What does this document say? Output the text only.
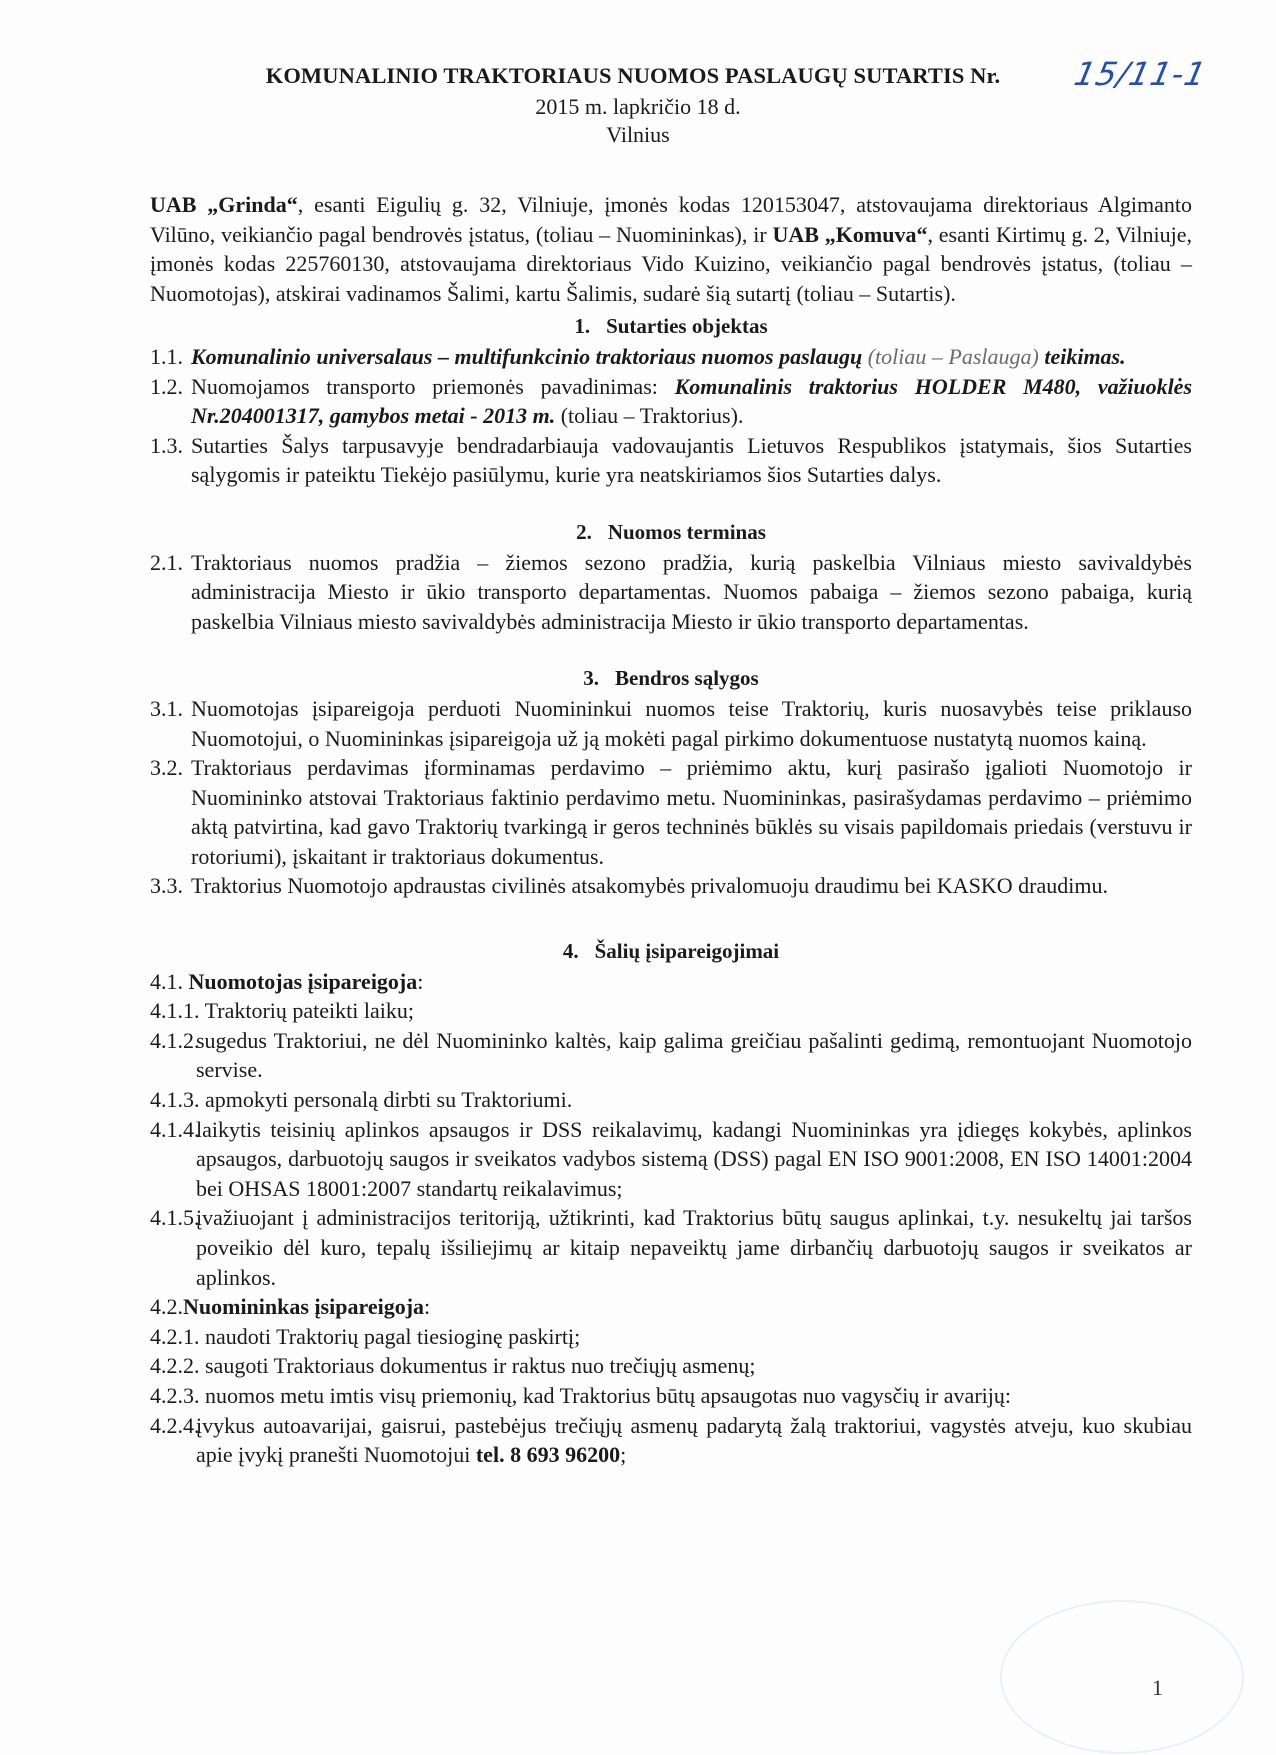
KOMUNALINIO TRAKTORIAUS NUOMOS PASLAUGŲ SUTARTIS Nr. 15/11-1
2015 m. lapkričio 18 d.
Vilnius
UAB „Grinda“, esanti Eigulių g. 32, Vilniuje, įmonės kodas 120153047, atstovaujama direktoriaus Algimanto Vilūno, veikiančio pagal bendrovės įstatus, (toliau – Nuomininkas), ir UAB „Komuva“, esanti Kirtimų g. 2, Vilniuje, įmonės kodas 225760130, atstovaujama direktoriaus Vido Kuizino, veikiančio pagal bendrovės įstatus, (toliau – Nuomotojas), atskirai vadinamos Šalimi, kartu Šalimis, sudarė šią sutartį (toliau – Sutartis).
1. Sutarties objektas
1.1. Komunalinio universalaus – multifunkcinio traktoriaus nuomos paslaugų (toliau – Paslauga) teikimas.
1.2. Nuomojamos transporto priemonės pavadinimas: Komunalinis traktorius HOLDER M480, važiuoklės Nr.204001317, gamybos metai - 2013 m. (toliau – Traktorius).
1.3. Sutarties Šalys tarpusavyje bendradarbiauja vadovaujantis Lietuvos Respublikos įstatymais, šios Sutarties sąlygomis ir pateiktu Tiekėjo pasiūlymu, kurie yra neatskiriamos šios Sutarties dalys.
2. Nuomos terminas
2.1. Traktoriaus nuomos pradžia – žiemos sezono pradžia, kurią paskelbia Vilniaus miesto savivaldybės administracija Miesto ir ūkio transporto departamentas. Nuomos pabaiga – žiemos sezono pabaiga, kurią paskelbia Vilniaus miesto savivaldybės administracija Miesto ir ūkio transporto departamentas.
3. Bendros sąlygos
3.1. Nuomotojas įsipareigoja perduoti Nuomininkui nuomos teise Traktorių, kuris nuosavybės teise priklauso Nuomotojui, o Nuomininkas įsipareigoja už ją mokėti pagal pirkimo dokumentuose nustatytą nuomos kainą.
3.2. Traktoriaus perdavimas įforminamas perdavimo – priėmimo aktu, kurį pasirašo įgalioti Nuomotojo ir Nuomininko atstovai Traktoriaus faktinio perdavimo metu. Nuomininkas, pasirašydamas perdavimo – priėmimo aktą patvirtina, kad gavo Traktorių tvarkingą ir geros techninės būklės su visais papildomais priedais (verstuvu ir rotoriumi), įskaitant ir traktoriaus dokumentus.
3.3. Traktorius Nuomotojo apdraustas civilinės atsakomybės privalomuoju draudimu bei KASKO draudimu.
4. Šalių įsipareigojimai
4.1. Nuomotojas įsipareigoja:
4.1.1. Traktorių pateikti laiku;
4.1.2.
sugedus Traktoriui, ne dėl Nuomininko kaltės, kaip galima greičiau pašalinti gedimą, remontuojant Nuomotojo servise.
4.1.3. apmokyti personalą dirbti su Traktoriumi.
4.1.4.
laikytis teisinių aplinkos apsaugos ir DSS reikalavimų, kadangi Nuomininkas yra įdiegęs kokybės, aplinkos apsaugos, darbuotojų saugos ir sveikatos vadybos sistemą (DSS) pagal EN ISO 9001:2008, EN ISO 14001:2004 bei OHSAS 18001:2007 standartų reikalavimus;
4.1.5.
įvažiuojant į administracijos teritoriją, užtikrinti, kad Traktorius būtų saugus aplinkai, t.y. nesukeltų jai taršos poveikio dėl kuro, tepalų išsiliejimų ar kitaip nepaveiktų jame dirbančių darbuotojų saugos ir sveikatos ar aplinkos.
4.2.Nuomininkas įsipareigoja:
4.2.1. naudoti Traktorių pagal tiesioginę paskirtį;
4.2.2. saugoti Traktoriaus dokumentus ir raktus nuo trečiųjų asmenų;
4.2.3. nuomos metu imtis visų priemonių, kad Traktorius būtų apsaugotas nuo vagysčių ir avarijų:
4.2.4.
įvykus autoavarijai, gaisrui, pastebėjus trečiųjų asmenų padarytą žalą traktoriui, vagystės atveju, kuo skubiau apie įvykį pranešti Nuomotojui tel. 8 693 96200;
1
